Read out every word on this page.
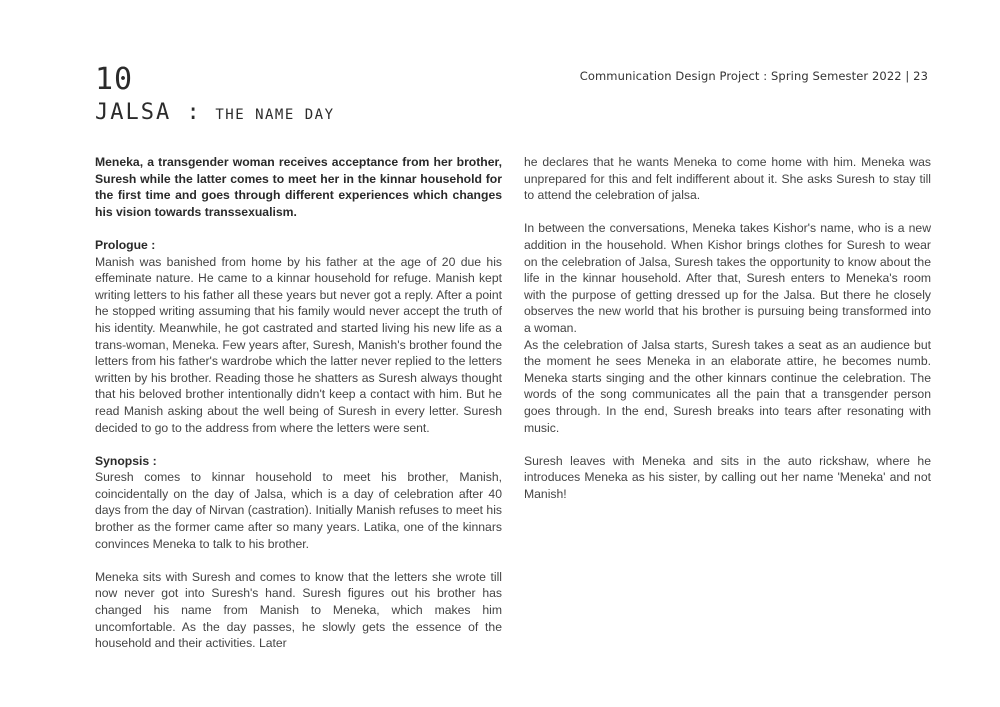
Communication Design Project : Spring Semester 2022 | 23
10
JALSA : THE NAME DAY

Meneka, a transgender woman receives acceptance from her brother, Suresh while the latter comes to meet her in the kinnar household for the first time and goes through different experiences which changes his vision towards transsexualism.

Prologue :
Manish was banished from home by his father at the age of 20 due his effeminate nature. He came to a kinnar household for refuge. Manish kept writing letters to his father all these years but never got a reply. After a point he stopped writing assuming that his family would never accept the truth of his identity. Meanwhile, he got castrated and started living his new life as a trans-woman, Meneka. Few years after, Suresh, Manish's brother found the letters from his father's wardrobe which the latter never replied to the letters written by his brother. Reading those he shatters as Suresh always thought that his beloved brother intentionally didn't keep a contact with him. But he read Manish asking about the well being of Suresh in every letter. Suresh decided to go to the address from where the letters were sent.

Synopsis :
Suresh comes to kinnar household to meet his brother, Manish, coincidentally on the day of Jalsa, which is a day of celebration after 40 days from the day of Nirvan (castration). Initially Manish refuses to meet his brother as the former came after so many years. Latika, one of the kinnars convinces Meneka to talk to his brother.

Meneka sits with Suresh and comes to know that the letters she wrote till now never got into Suresh's hand. Suresh figures out his brother has changed his name from Manish to Meneka, which makes him uncomfortable. As the day passes, he slowly gets the essence of the household and their activities. Later

he declares that he wants Meneka to come home with him. Meneka was unprepared for this and felt indifferent about it. She asks Suresh to stay till to attend the celebration of jalsa.

In between the conversations, Meneka takes Kishor's name, who is a new addition in the household. When Kishor brings clothes for Suresh to wear on the celebration of Jalsa, Suresh takes the opportunity to know about the life in the kinnar household. After that, Suresh enters to Meneka's room with the purpose of getting dressed up for the Jalsa. But there he closely observes the new world that his brother is pursuing being transformed into a woman.

As the celebration of Jalsa starts, Suresh takes a seat as an audience but the moment he sees Meneka in an elaborate attire, he becomes numb. Meneka starts singing and the other kinnars continue the celebration. The words of the song communicates all the pain that a transgender person goes through. In the end, Suresh breaks into tears after resonating with music.

Suresh leaves with Meneka and sits in the auto rickshaw, where he introduces Meneka as his sister, by calling out her name 'Meneka' and not Manish!
